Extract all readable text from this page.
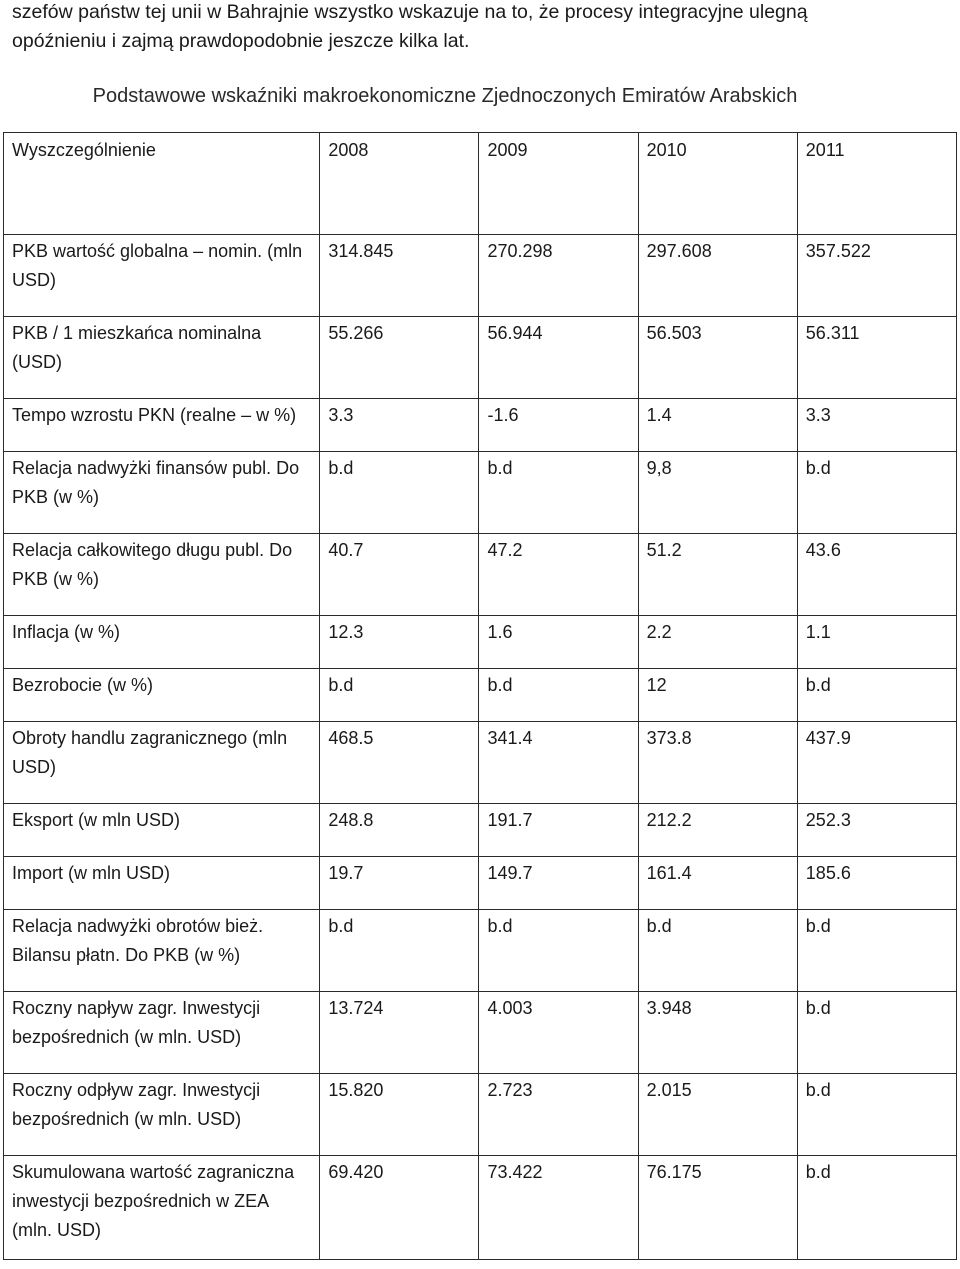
szefów państw tej unii w Bahrajnie wszystko wskazuje na to, że procesy integracyjne ulegną
opóźnieniu i zajmą prawdopodobnie jeszcze kilka lat.

Podstawowe wskaźniki makroekonomiczne Zjednoczonych Emiratów Arabskich

Wyszczególnienie	2008	2009	2010	2011
PKB wartość globalna – nomin. (mln USD)	314.845	270.298	297.608	357.522
PKB / 1 mieszkańca nominalna (USD)	55.266	56.944	56.503	56.311
Tempo wzrostu PKN (realne – w %)	3.3	-1.6	1.4	3.3
Relacja nadwyżki finansów publ. Do PKB (w %)	b.d	b.d	9,8	b.d
Relacja całkowitego długu publ. Do PKB (w %)	40.7	47.2	51.2	43.6
Inflacja (w %)	12.3	1.6	2.2	1.1
Bezrobocie (w %)	b.d	b.d	12	b.d
Obroty handlu zagranicznego (mln USD)	468.5	341.4	373.8	437.9
Eksport (w mln USD)	248.8	191.7	212.2	252.3
Import (w mln USD)	19.7	149.7	161.4	185.6
Relacja nadwyżki obrotów bież. Bilansu płatn. Do PKB (w %)	b.d	b.d	b.d	b.d
Roczny napływ zagr. Inwestycji bezpośrednich (w mln. USD)	13.724	4.003	3.948	b.d
Roczny odpływ zagr. Inwestycji bezpośrednich (w mln. USD)	15.820	2.723	2.015	b.d
Skumulowana wartość zagraniczna inwestycji bezpośrednich w ZEA (mln. USD)	69.420	73.422	76.175	b.d
